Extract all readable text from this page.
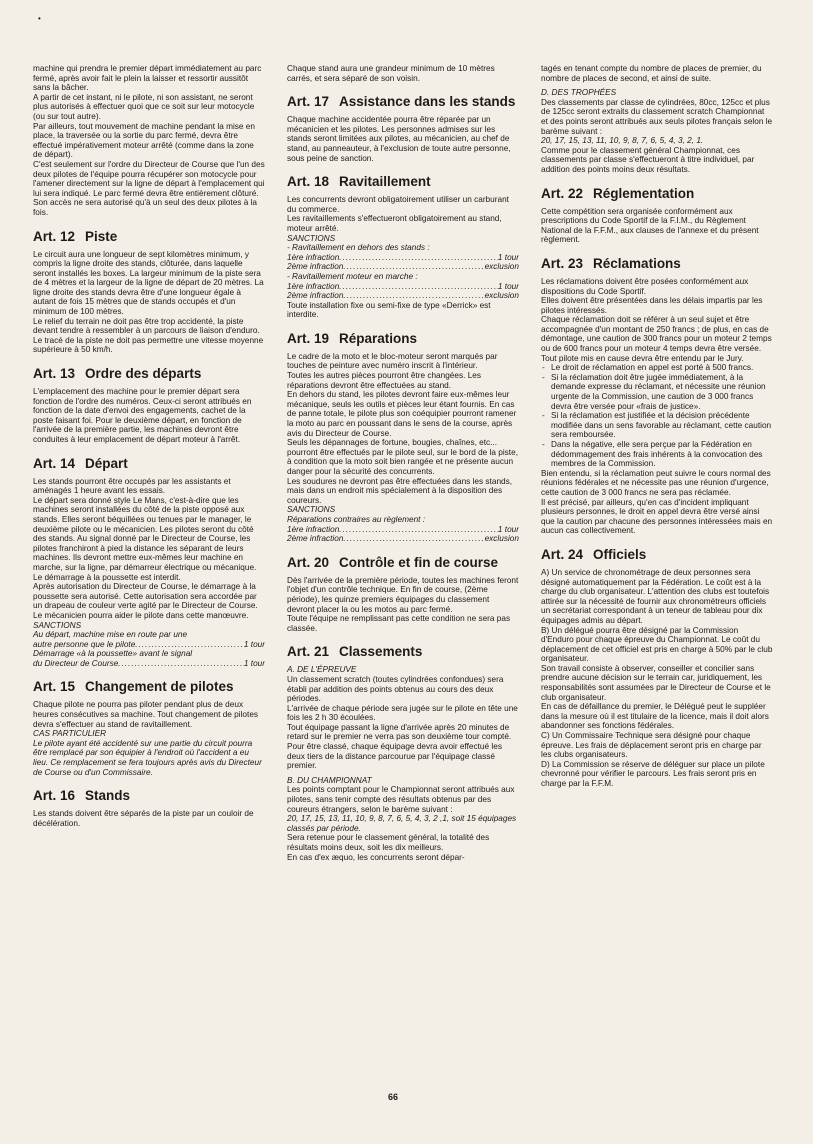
•

machine qui prendra le premier départ immédiatement au parc fermé, après avoir fait le plein la laisser et ressortir aussitôt sans la bâcher.

A partir de cet instant, ni le pilote, ni son assistant, ne seront plus autorisés à effectuer quoi que ce soit sur leur motocycle (ou sur tout autre).

Par ailleurs, tout mouvement de machine pendant la mise en place, la traversée ou la sortie du parc fermé, devra être effectué impérativement moteur arrêté (comme dans la zone de départ).

C'est seulement sur l'ordre du Directeur de Course que l'un des deux pilotes de l'équipe pourra récupérer son motocycle pour l'amener directement sur la ligne de départ à l'emplacement qui lui sera indiqué. Le parc fermé devra être entièrement clôturé. Son accès ne sera autorisé qu'à un seul des deux pilotes à la fois.

Art. 12 Piste

Le circuit aura une longueur de sept kilomètres minimum, y compris la ligne droite des stands, clôturée, dans laquelle seront installés les boxes. La largeur minimum de la piste sera de 4 mètres et la largeur de la ligne de départ de 20 mètres. La ligne droite des stands devra être d'une longueur égale à autant de fois 15 mètres que de stands occupés et d'un minimum de 100 mètres.

Le relief du terrain ne doit pas être trop accidenté, la piste devant tendre à ressembler à un parcours de liaison d'enduro. Le tracé de la piste ne doit pas permettre une vitesse moyenne supérieure à 50 km/h.

Art. 13 Ordre des départs

L'emplacement des machine pour le premier départ sera fonction de l'ordre des numéros. Ceux-ci seront attribués en fonction de la date d'envoi des engagements, cachet de la poste faisant foi. Pour le deuxième départ, en fonction de l'arrivée de la première partie, les machines devront être conduites à leur emplacement de départ moteur à l'arrêt.

Art. 14 Départ

Les stands pourront être occupés par les assistants et aménagés 1 heure avant les essais.

Le départ sera donné style Le Mans, c'est-à-dire que les machines seront installées du côté de la piste opposé aux stands. Elles seront béquillées ou tenues par le manager, le deuxième pilote ou le mécanicien. Les pilotes seront du côté des stands. Au signal donné par le Directeur de Course, les pilotes franchiront à pied la distance les séparant de leurs machines. Ils devront mettre eux-mêmes leur machine en marche, sur la ligne, par démarreur électrique ou mécanique. Le démarrage à la poussette est interdit.

Après autorisation du Directeur de Course, le démarrage à la poussette sera autorisé. Cette autorisation sera accordée par un drapeau de couleur verte agité par le Directeur de Course.

Le mécanicien pourra aider le pilote dans cette manœuvre.

SANCTIONS

Au départ, machine mise en route par une

autre personne que le pilote .....	1 tour

Démarrage «à la poussette» avant le signal

du Directeur de Course .....	1 tour
Art. 15 Changement de pilotes

Chaque pilote ne pourra pas piloter pendant plus de deux heures consécutives sa machine. Tout changement de pilotes devra s'effectuer au stand de ravitaillement.

CAS PARTICULIER

Le pilote ayant été accidenté sur une partie du circuit pourra être remplacé par son équipier à l'endroit où l'accident a eu lieu. Ce remplacement se fera toujours après avis du Directeur de Course ou d'un Commissaire.

Art. 16 Stands

Les stands doivent être séparés de la piste par un couloir de décélération.

Chaque stand aura une grandeur minimum de 10 mètres carrés, et sera séparé de son voisin.

Art. 17 Assistance dans les stands

Chaque machine accidentée pourra être réparée par un mécanicien et les pilotes. Les personnes admises sur les stands seront limitées aux pilotes, au mécanicien, au chef de stand, au panneauteur, à l'exclusion de toute autre personne, sous peine de sanction.

Art. 18 Ravitaillement

Les concurrents devront obligatoirement utiliser un carburant du commerce.

Les ravitaillements s'effectueront obligatoirement au stand, moteur arrêté.

SANCTIONS

- Ravitaillement en dehors des stands :

1ère infraction .....	1 tour
2ème infraction .....	exclusion

- Ravitaillement moteur en marche :

1ère infraction .....	1 tour
2ème infraction .....	exclusion

Toute installation fixe ou semi-fixe de type «Derrick» est interdite.

Art. 19 Réparations

Le cadre de la moto et le bloc-moteur seront marqués par touches de peinture avec numéro inscrit à l'intérieur.

Toutes les autres pièces pourront être changées. Les réparations devront être effectuées au stand.

En dehors du stand, les pilotes devront faire eux-mêmes leur mécanique, seuls les outils et pièces leur étant fournis. En cas de panne totale, le pilote plus son coéquipier pourront ramener la moto au parc en poussant dans le sens de la course, après avis du Directeur de Course.

Seuls les dépannages de fortune, bougies, chaînes, etc... pourront être effectués par le pilote seul, sur le bord de la piste, à condition que la moto soit bien rangée et ne présente aucun danger pour la sécurité des concurrents.

Les soudures ne devront pas être effectuées dans les stands, mais dans un endroit mis spécialement à la disposition des coureurs.

SANCTIONS

Réparations contraires au règlement :

1ère infraction .....	1 tour
2ème infraction .....	exclusion
Art. 20 Contrôle et fin de course

Dès l'arrivée de la première période, toutes les machines feront l'objet d'un contrôle technique. En fin de course, (2ème période), les quinze premiers équipages du classement devront placer la ou les motos au parc fermé.

Toute l'équipe ne remplissant pas cette condition ne sera pas classée.

Art. 21 Classements

A. DE L'ÉPREUVE

Un classement scratch (toutes cylindrées confondues) sera établi par addition des points obtenus au cours des deux périodes.

L'arrivée de chaque période sera jugée sur le pilote en tête une fois les 2 h 30 écoulées.

Tout équipage passant la ligne d'arrivée après 20 minutes de retard sur le premier ne verra pas son deuxième tour compté.

Pour être classé, chaque équipage devra avoir effectué les deux tiers de la distance parcourue par l'équipage classé premier.

B. DU CHAMPIONNAT

Les points comptant pour le Championnat seront attribués aux pilotes, sans tenir compte des résultats obtenus par des coureurs étrangers, selon le barème suivant :

20, 17, 15, 13, 11, 10, 9, 8, 7, 6, 5, 4, 3, 2 ,1, soit 15 équipages classés par période.

Sera retenue pour le classement général, la totalité des résultats moins deux, soit les dix meilleurs.

En cas d'ex æquo, les concurrents seront dépar-

tagés en tenant compte du nombre de places de premier, du nombre de places de second, et ainsi de suite.

D. DES TROPHÉES

Des classements par classe de cylindrées, 80cc, 125cc et plus de 125cc seront extraits du classement scratch Championnat et des points seront attribués aux seuls pilotes français selon le barème suivant :

20, 17, 15, 13, 11, 10, 9, 8, 7, 6, 5, 4, 3, 2, 1.

Comme pour le classement général Championnat, ces classements par classe s'effectueront à titre individuel, par addition des points moins deux résultats.

Art. 22 Réglementation

Cette compétition sera organisée conformément aux prescriptions du Code Sportif de la F.I.M., du Règlement National de la F.F.M., aux clauses de l'annexe et du présent règlement.

Art. 23 Réclamations

Les réclamations doivent être posées conformément aux dispositions du Code Sportif.

Elles doivent être présentées dans les délais impartis par les pilotes intéressés.

Chaque réclamation doit se référer à un seul sujet et être accompagnée d'un montant de 250 francs ; de plus, en cas de démontage, une caution de 300 francs pour un moteur 2 temps ou de 600 francs pour un moteur 4 temps devra être versée.

Tout pilote mis en cause devra être entendu par le Jury.

- Le droit de réclamation en appel est porté à 500 francs.
- Si la réclamation doit être jugée immédiatement, à la demande expresse du réclamant, et nécessite une réunion urgente de la Commission, une caution de 3 000 francs devra être versée pour «frais de justice».
- Si la réclamation est justifiée et la décision précédente modifiée dans un sens favorable au réclamant, cette caution sera remboursée.
- Dans la négative, elle sera perçue par la Fédération en dédommagement des frais inhérents à la convocation des membres de la Commission.

Bien entendu, si la réclamation peut suivre le cours normal des réunions fédérales et ne nécessite pas une réunion d'urgence, cette caution de 3 000 francs ne sera pas réclamée.

Il est précisé, par ailleurs, qu'en cas d'incident impliquant plusieurs personnes, le droit en appel devra être versé ainsi que la caution par chacune des personnes intéressées mais en aucun cas collectivement.

Art. 24 Officiels

A) Un service de chronométrage de deux personnes sera désigné automatiquement par la Fédération. Le coût est à la charge du club organisateur. L'attention des clubs est toutefois attirée sur la nécessité de fournir aux chronométreurs officiels un secrétariat correspondant à un teneur de tableau pour dix équipages admis au départ.

B) Un délégué pourra être désigné par la Commission d'Enduro pour chaque épreuve du Championnat. Le coût du déplacement de cet officiel est pris en charge à 50% par le club organisateur.

Son travail consiste à observer, conseiller et concilier sans prendre aucune décision sur le terrain car, juridiquement, les responsabilités sont assumées par le Directeur de Course et le club organisateur.

En cas de défaillance du premier, le Délégué peut le suppléer dans la mesure où il est titulaire de la licence, mais il doit alors abandonner ses fonctions fédérales.

C) Un Commissaire Technique sera désigné pour chaque épreuve. Les frais de déplacement seront pris en charge par les clubs organisateurs.

D) La Commission se réserve de déléguer sur place un pilote chevronné pour vérifier le parcours. Les frais seront pris en charge par la F.F.M.

66
